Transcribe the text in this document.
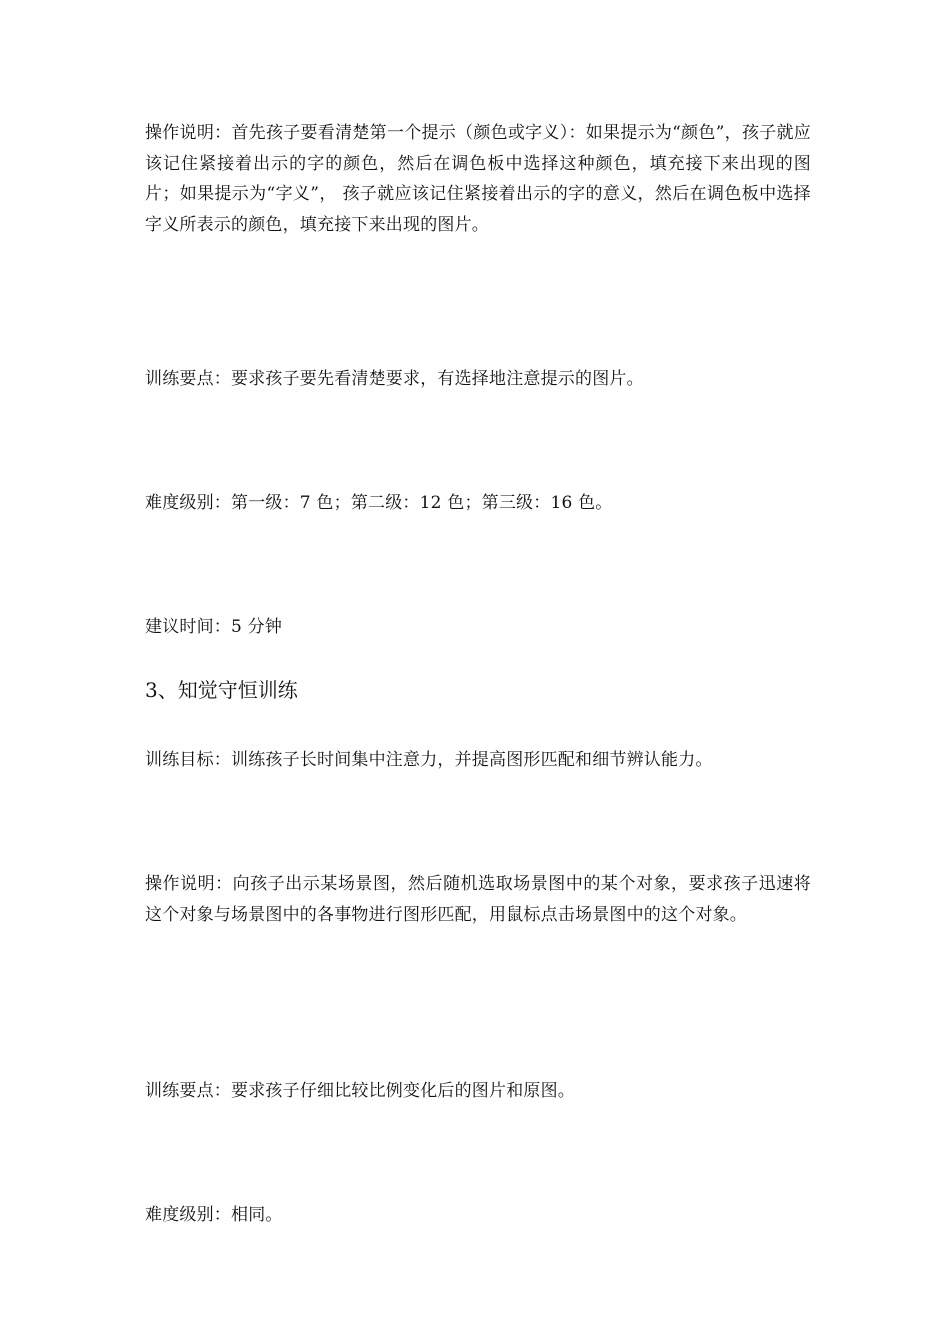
操作说明：首先孩子要看清楚第一个提示（颜色或字义）：如果提示为“颜色”，孩子就应该记住紧接着出示的字的颜色，然后在调色板中选择这种颜色，填充接下来出现的图片；如果提示为“字义”， 孩子就应该记住紧接着出示的字的意义，然后在调色板中选择字义所表示的颜色，填充接下来出现的图片。

训练要点：要求孩子要先看清楚要求，有选择地注意提示的图片。

难度级别：第一级：7 色；第二级：12 色；第三级：16 色。

建议时间：5 分钟

3、知觉守恒训练

训练目标：训练孩子长时间集中注意力，并提高图形匹配和细节辨认能力。

操作说明：向孩子出示某场景图，然后随机选取场景图中的某个对象，要求孩子迅速将这个对象与场景图中的各事物进行图形匹配，用鼠标点击场景图中的这个对象。

训练要点：要求孩子仔细比较比例变化后的图片和原图。

难度级别：相同。
